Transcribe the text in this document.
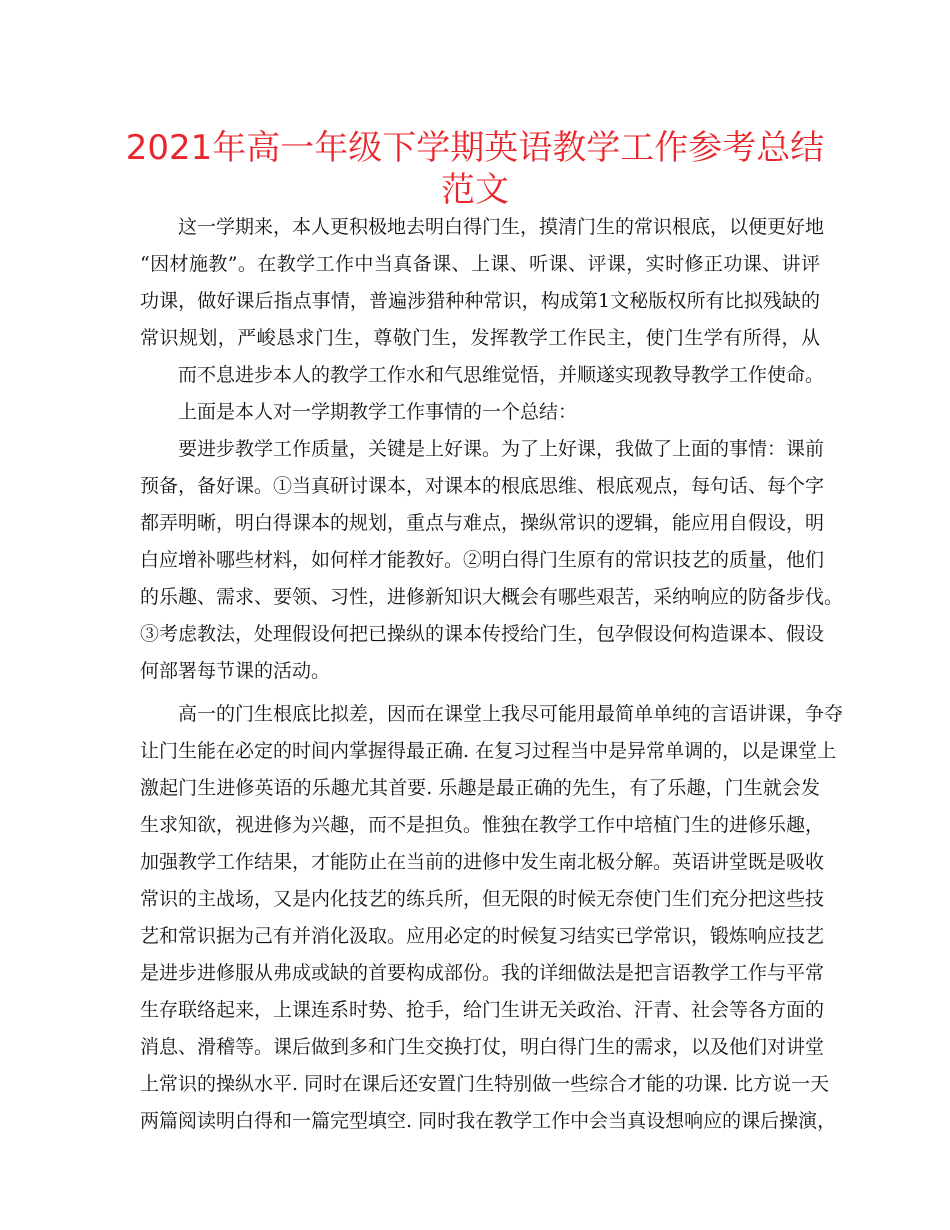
2021年高一年级下学期英语教学工作参考总结
范文

这一学期来，本人更积极地去明白得门生，摸清门生的常识根底，以便更好地

“因材施教”。在教学工作中当真备课、上课、听课、评课，实时修正功课、讲评

功课，做好课后指点事情，普遍涉猎种种常识，构成第1文秘版权所有比拟残缺的

常识规划，严峻恳求门生，尊敬门生，发挥教学工作民主，使门生学有所得，从

而不息进步本人的教学工作水和气思维觉悟，并顺遂实现教导教学工作使命。

上面是本人对一学期教学工作事情的一个总结：

要进步教学工作质量，关键是上好课。为了上好课，我做了上面的事情：课前

预备，备好课。①当真研讨课本，对课本的根底思维、根底观点，每句话、每个字

都弄明晰，明白得课本的规划，重点与难点，操纵常识的逻辑，能应用自假设，明

白应增补哪些材料，如何样才能教好。②明白得门生原有的常识技艺的质量，他们

的乐趣、需求、要领、习性，进修新知识大概会有哪些艰苦，采纳响应的防备步伐。

③考虑教法，处理假设何把已操纵的课本传授给门生，包孕假设何构造课本、假设

何部署每节课的活动。

高一的门生根底比拟差，因而在课堂上我尽可能用最简单单纯的言语讲课，争夺

让门生能在必定的时间内掌握得最正确. 在复习过程当中是异常单调的，以是课堂上

激起门生进修英语的乐趣尤其首要. 乐趣是最正确的先生，有了乐趣，门生就会发

生求知欲，视进修为兴趣，而不是担负。惟独在教学工作中培植门生的进修乐趣，

加强教学工作结果，才能防止在当前的进修中发生南北极分解。英语讲堂既是吸收

常识的主战场，又是内化技艺的练兵所，但无限的时候无奈使门生们充分把这些技

艺和常识据为己有并消化汲取。应用必定的时候复习结实已学常识，锻炼响应技艺

是进步进修服从弗成或缺的首要构成部份。我的详细做法是把言语教学工作与平常

生存联络起来，上课连系时势、抢手，给门生讲无关政治、汗青、社会等各方面的

消息、滑稽等。课后做到多和门生交换打仗，明白得门生的需求，以及他们对讲堂

上常识的操纵水平. 同时在课后还安置门生特别做一些综合才能的功课. 比方说一天

两篇阅读明白得和一篇完型填空. 同时我在教学工作中会当真设想响应的课后操演，
